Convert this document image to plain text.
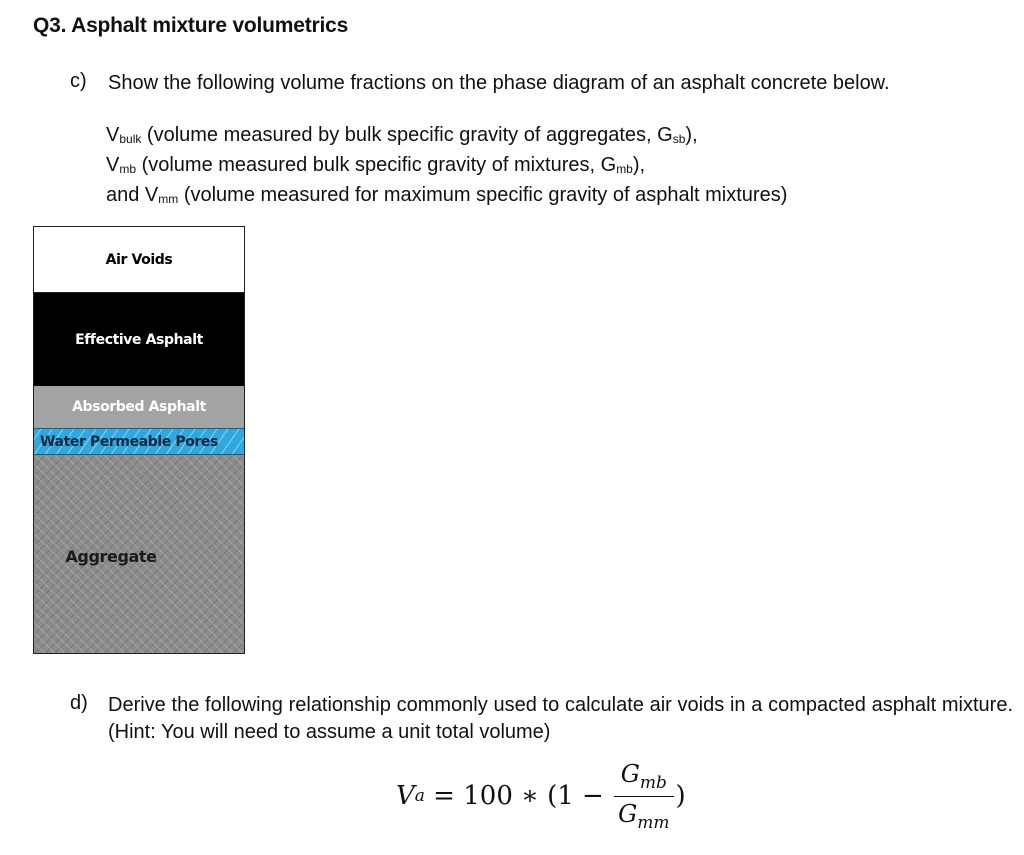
Q3. Asphalt mixture volumetrics
c) Show the following volume fractions on the phase diagram of an asphalt concrete below.
$V_{bulk}$ (volume measured by bulk specific gravity of aggregates, $G_{sb}$),
$V_{mb}$ (volume measured bulk specific gravity of mixtures, $G_{mb}$),
and $V_{mm}$ (volume measured for maximum specific gravity of asphalt mixtures)
Air Voids
Effective Asphalt
Absorbed Asphalt
Water Permeable Pores
Aggregate
d) Derive the following relationship commonly used to calculate air voids in a compacted asphalt mixture. (Hint: You will need to assume a unit total volume)
V a = 100 ∗ ($1 - \frac{G_{mb}}{G_{mm}}$ )
